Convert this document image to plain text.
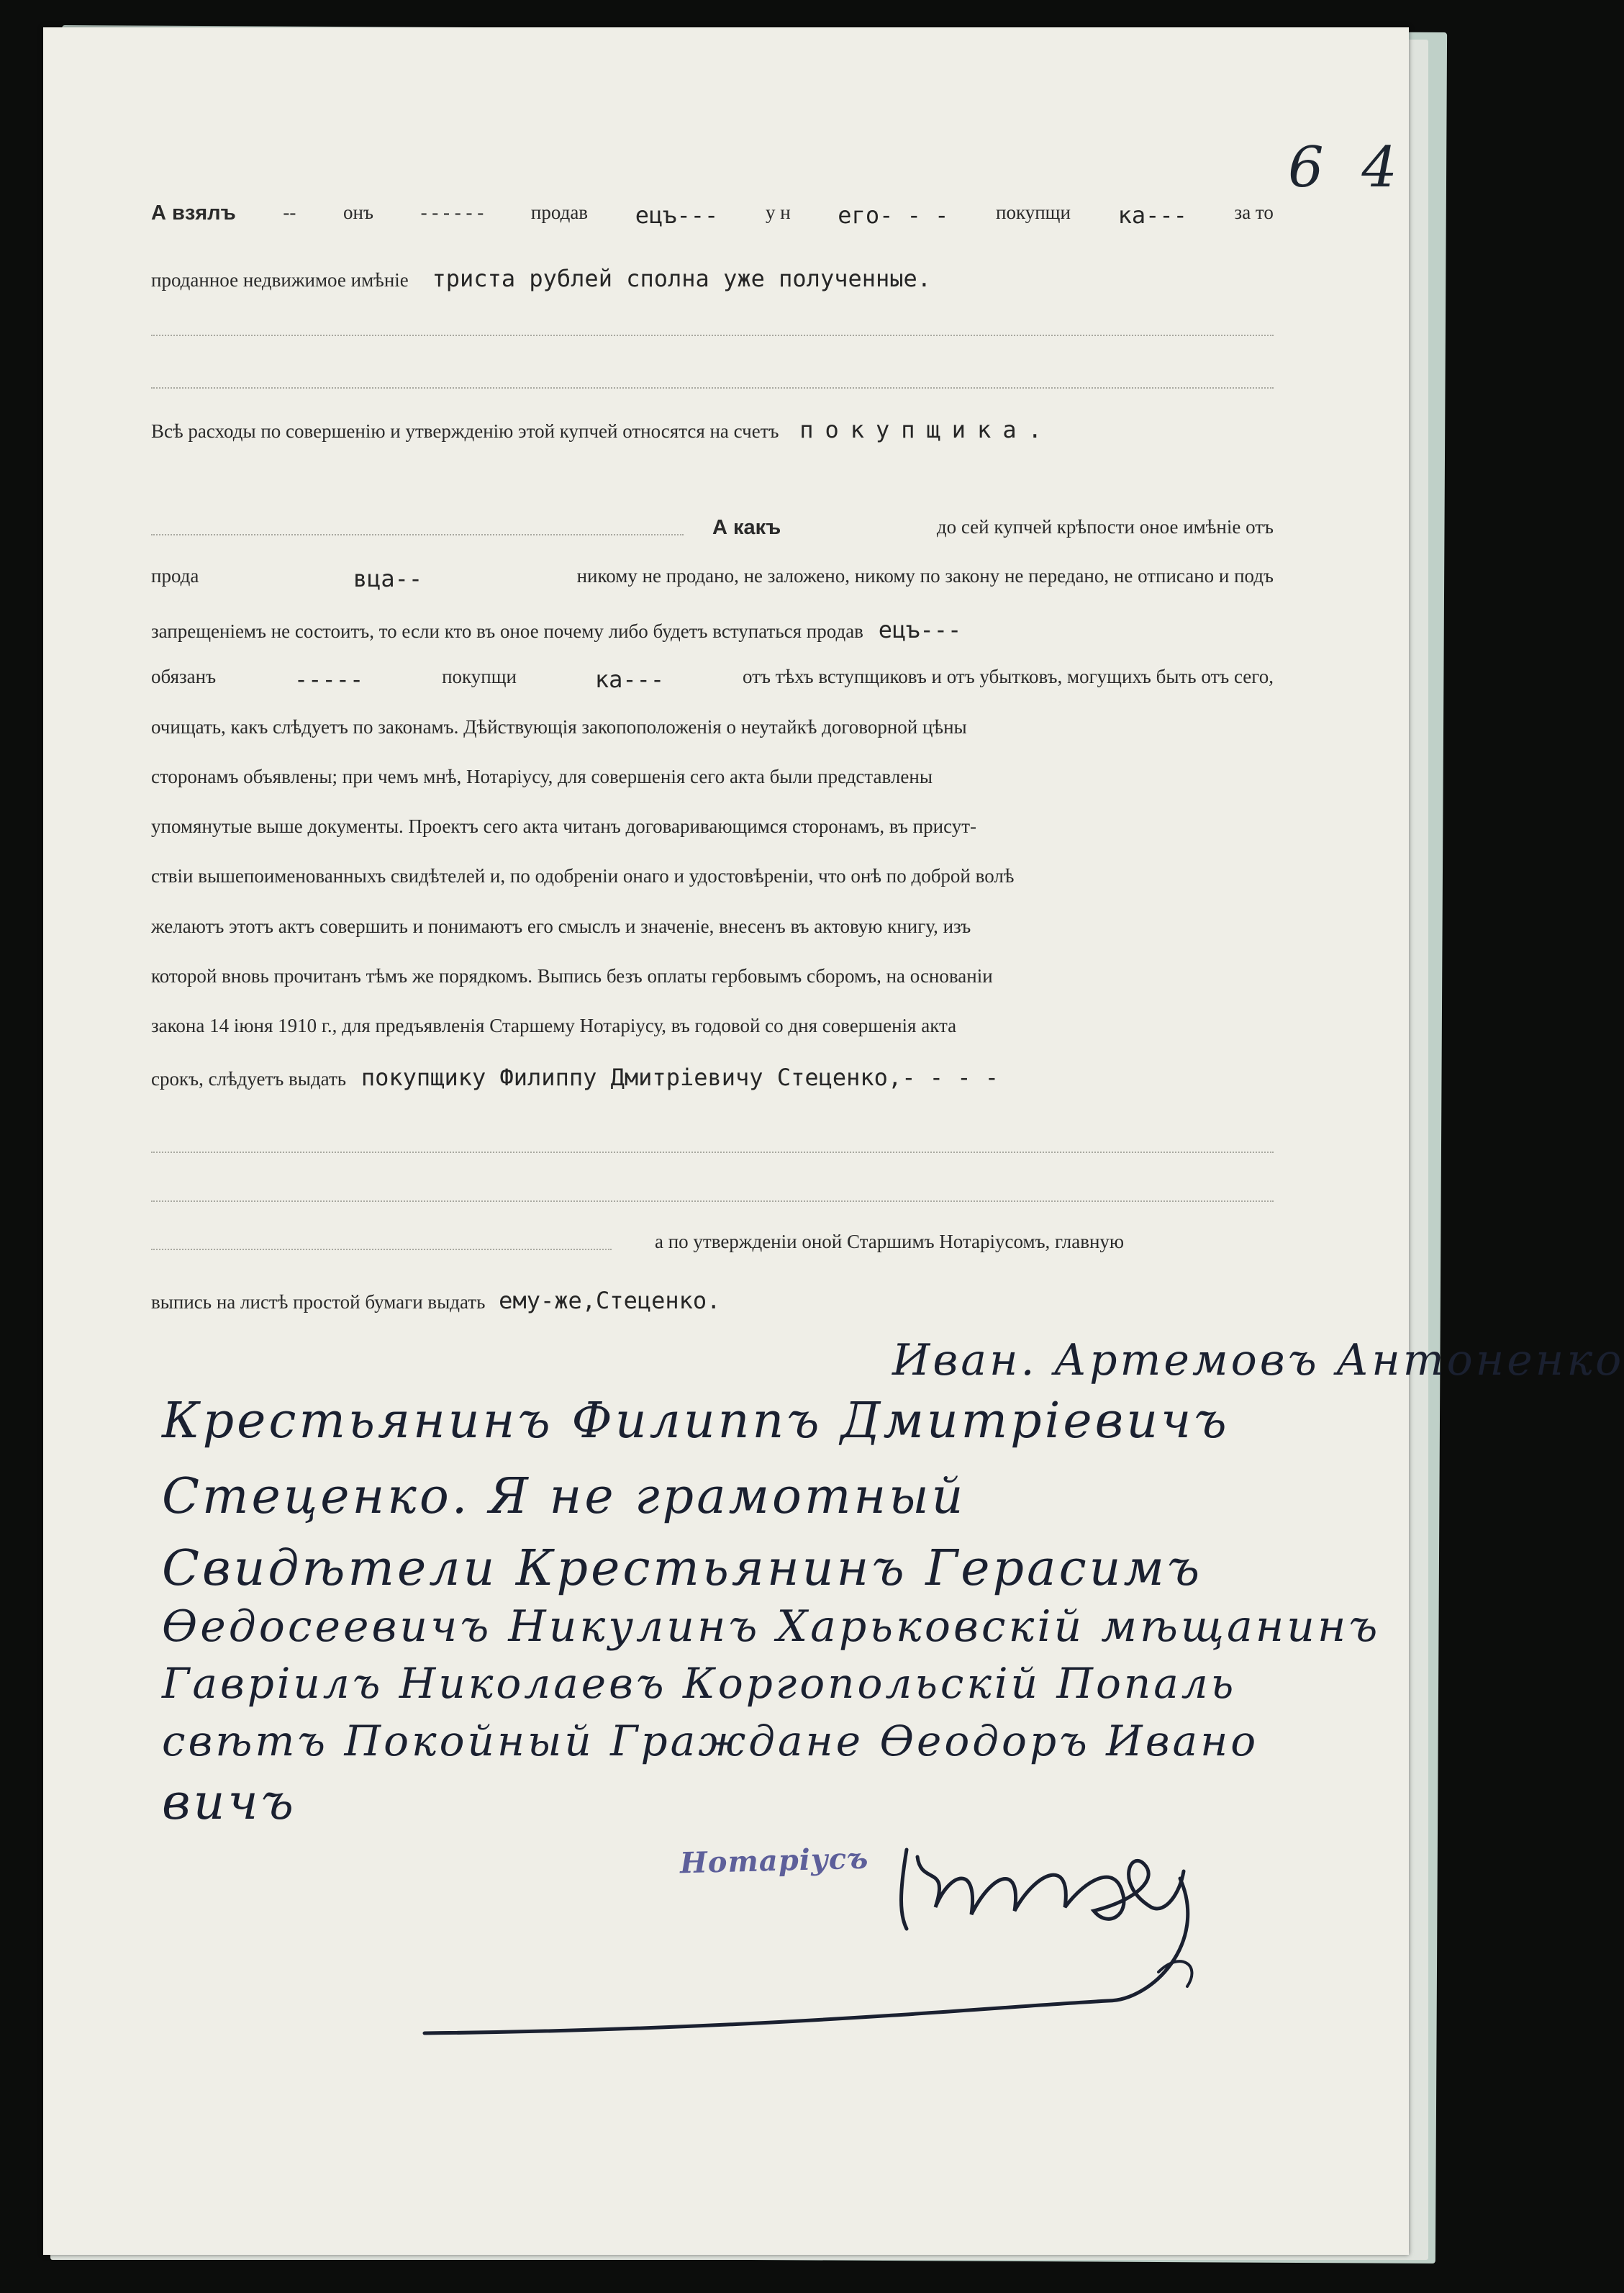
6 4
А взялъ -- онъ - - - - - - продав ецъ--- у н его- - - покупщи ка--- за то
проданное недвижимое имѣніе триста рублей сполна уже полученные.
Всѣ расходы по совершенію и утвержденію этой купчей относятся на счетъ покупщика.
А какъ	до сей купчей крѣпости оное имѣніе отъ
прода	вца--	никому не продано, не заложено, никому по закону не передано, не отписано и подъ
запрещеніемъ не состоитъ, то если кто въ оное почему либо будетъ вступаться продав ецъ---
обязанъ	-----	покупщи	ка---	отъ тѣхъ вступщиковъ и отъ убытковъ, могущихъ быть отъ сего,
очищать, какъ слѣдуетъ по законамъ. Дѣйствующія закопоположенія о неутайкѣ договорной цѣны
сторонамъ объявлены; при чемъ мнѣ, Нотаріусу, для совершенія сего акта были представлены
упомянутые выше документы. Проектъ сего акта читанъ договаривающимся сторонамъ, въ присут-
ствіи вышепоименованныхъ свидѣтелей и, по одобреніи онаго и удостовѣреніи, что онѣ по доброй волѣ
желаютъ этотъ актъ совершить и понимаютъ его смыслъ и значеніе, внесенъ въ актовую книгу, изъ
которой вновь прочитанъ тѣмъ же порядкомъ. Выпись безъ оплаты гербовымъ сборомъ, на основаніи
закона 14 іюня 1910 г., для предъявленія Старшему Нотаріусу, въ годовой со дня совершенія акта
срокъ, слѣдуетъ выдать покупщику Филиппу Дмитріевичу Стеценко,- - - -
а по утвержденіи оной Старшимъ Нотаріусомъ, главную
выпись на листѣ простой бумаги выдать ему-же,Стеценко.
Иван. Артемовъ Антоненко
Крестьянинъ Филиппъ Дмитріевичъ
Стеценко. Я не грамотный
Свидѣтели Крестьянинъ Герасимъ
Ѳедосеевичъ Никулинъ Харьковскій мѣщанинъ
Гавріилъ Николаевъ Коргопольскій Попаль
свѣтъ Покойный Граждане Ѳеодоръ Ивано
вичъ
Нотаріусъ
